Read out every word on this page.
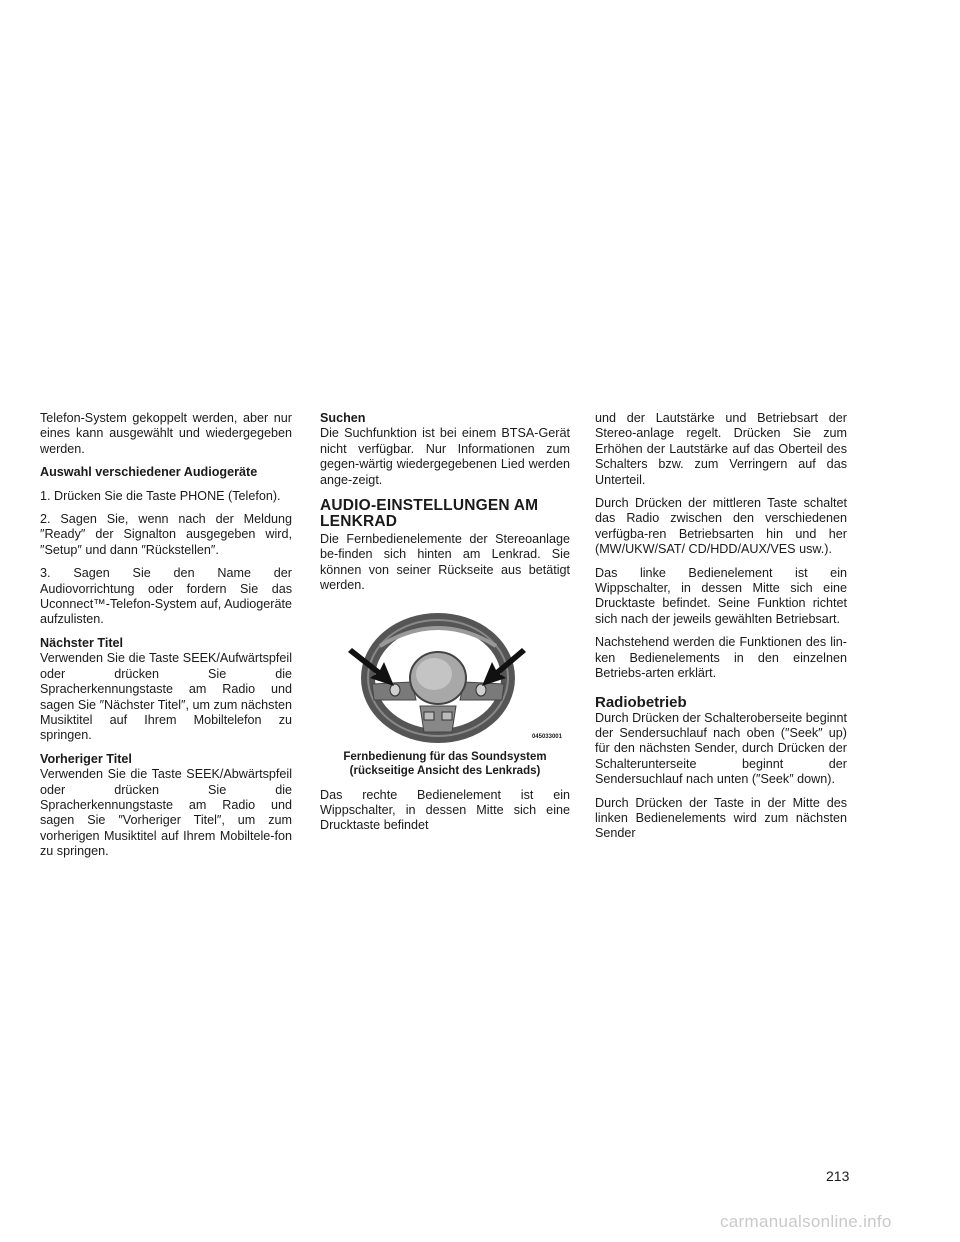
Telefon-System gekoppelt werden, aber nur eines kann ausgewählt und wiedergegeben werden.

Auswahl verschiedener Audiogeräte

1. Drücken Sie die Taste PHONE (Telefon).

2. Sagen Sie, wenn nach der Meldung ″Ready″ der Signalton ausgegeben wird, ″Setup″ und dann ″Rückstellen″.

3. Sagen Sie den Name der Audiovorrichtung oder fordern Sie das Uconnect™-Telefon-System auf, Audiogeräte aufzulisten.

Nächster Titel

Verwenden Sie die Taste SEEK/Aufwärtspfeil oder drücken Sie die Spracherkennungstaste am Radio und sagen Sie ″Nächster Titel″, um zum nächsten Musiktitel auf Ihrem Mobiltelefon zu springen.

Vorheriger Titel

Verwenden Sie die Taste SEEK/Abwärtspfeil oder drücken Sie die Spracherkennungstaste am Radio und sagen Sie ″Vorheriger Titel″, um zum vorherigen Musiktitel auf Ihrem Mobiltele-fon zu springen.

Suchen

Die Suchfunktion ist bei einem BTSA-Gerät nicht verfügbar. Nur Informationen zum gegen-wärtig wiedergegebenen Lied werden ange-zeigt.

AUDIO-EINSTELLUNGEN AM
LENKRAD

Die Fernbedienelemente der Stereoanlage be-finden sich hinten am Lenkrad. Sie können von seiner Rückseite aus betätigt werden.

045033001
Fernbedienung für das Soundsystem
(rückseitige Ansicht des Lenkrads)

Das rechte Bedienelement ist ein Wippschalter, in dessen Mitte sich eine Drucktaste befindet

und der Lautstärke und Betriebsart der Stereo-anlage regelt. Drücken Sie zum Erhöhen der Lautstärke auf das Oberteil des Schalters bzw. zum Verringern auf das Unterteil.

Durch Drücken der mittleren Taste schaltet das Radio zwischen den verschiedenen verfügba-ren Betriebsarten hin und her (MW/UKW/SAT/ CD/HDD/AUX/VES usw.).

Das linke Bedienelement ist ein Wippschalter, in dessen Mitte sich eine Drucktaste befindet. Seine Funktion richtet sich nach der jeweils gewählten Betriebsart.

Nachstehend werden die Funktionen des lin-ken Bedienelements in den einzelnen Betriebs-arten erklärt.

Radiobetrieb

Durch Drücken der Schalteroberseite beginnt der Sendersuchlauf nach oben (″Seek″ up) für den nächsten Sender, durch Drücken der Schalterunterseite beginnt der Sendersuchlauf nach unten (″Seek″ down).

Durch Drücken der Taste in der Mitte des linken Bedienelements wird zum nächsten Sender

213
carmanualsonline.info
